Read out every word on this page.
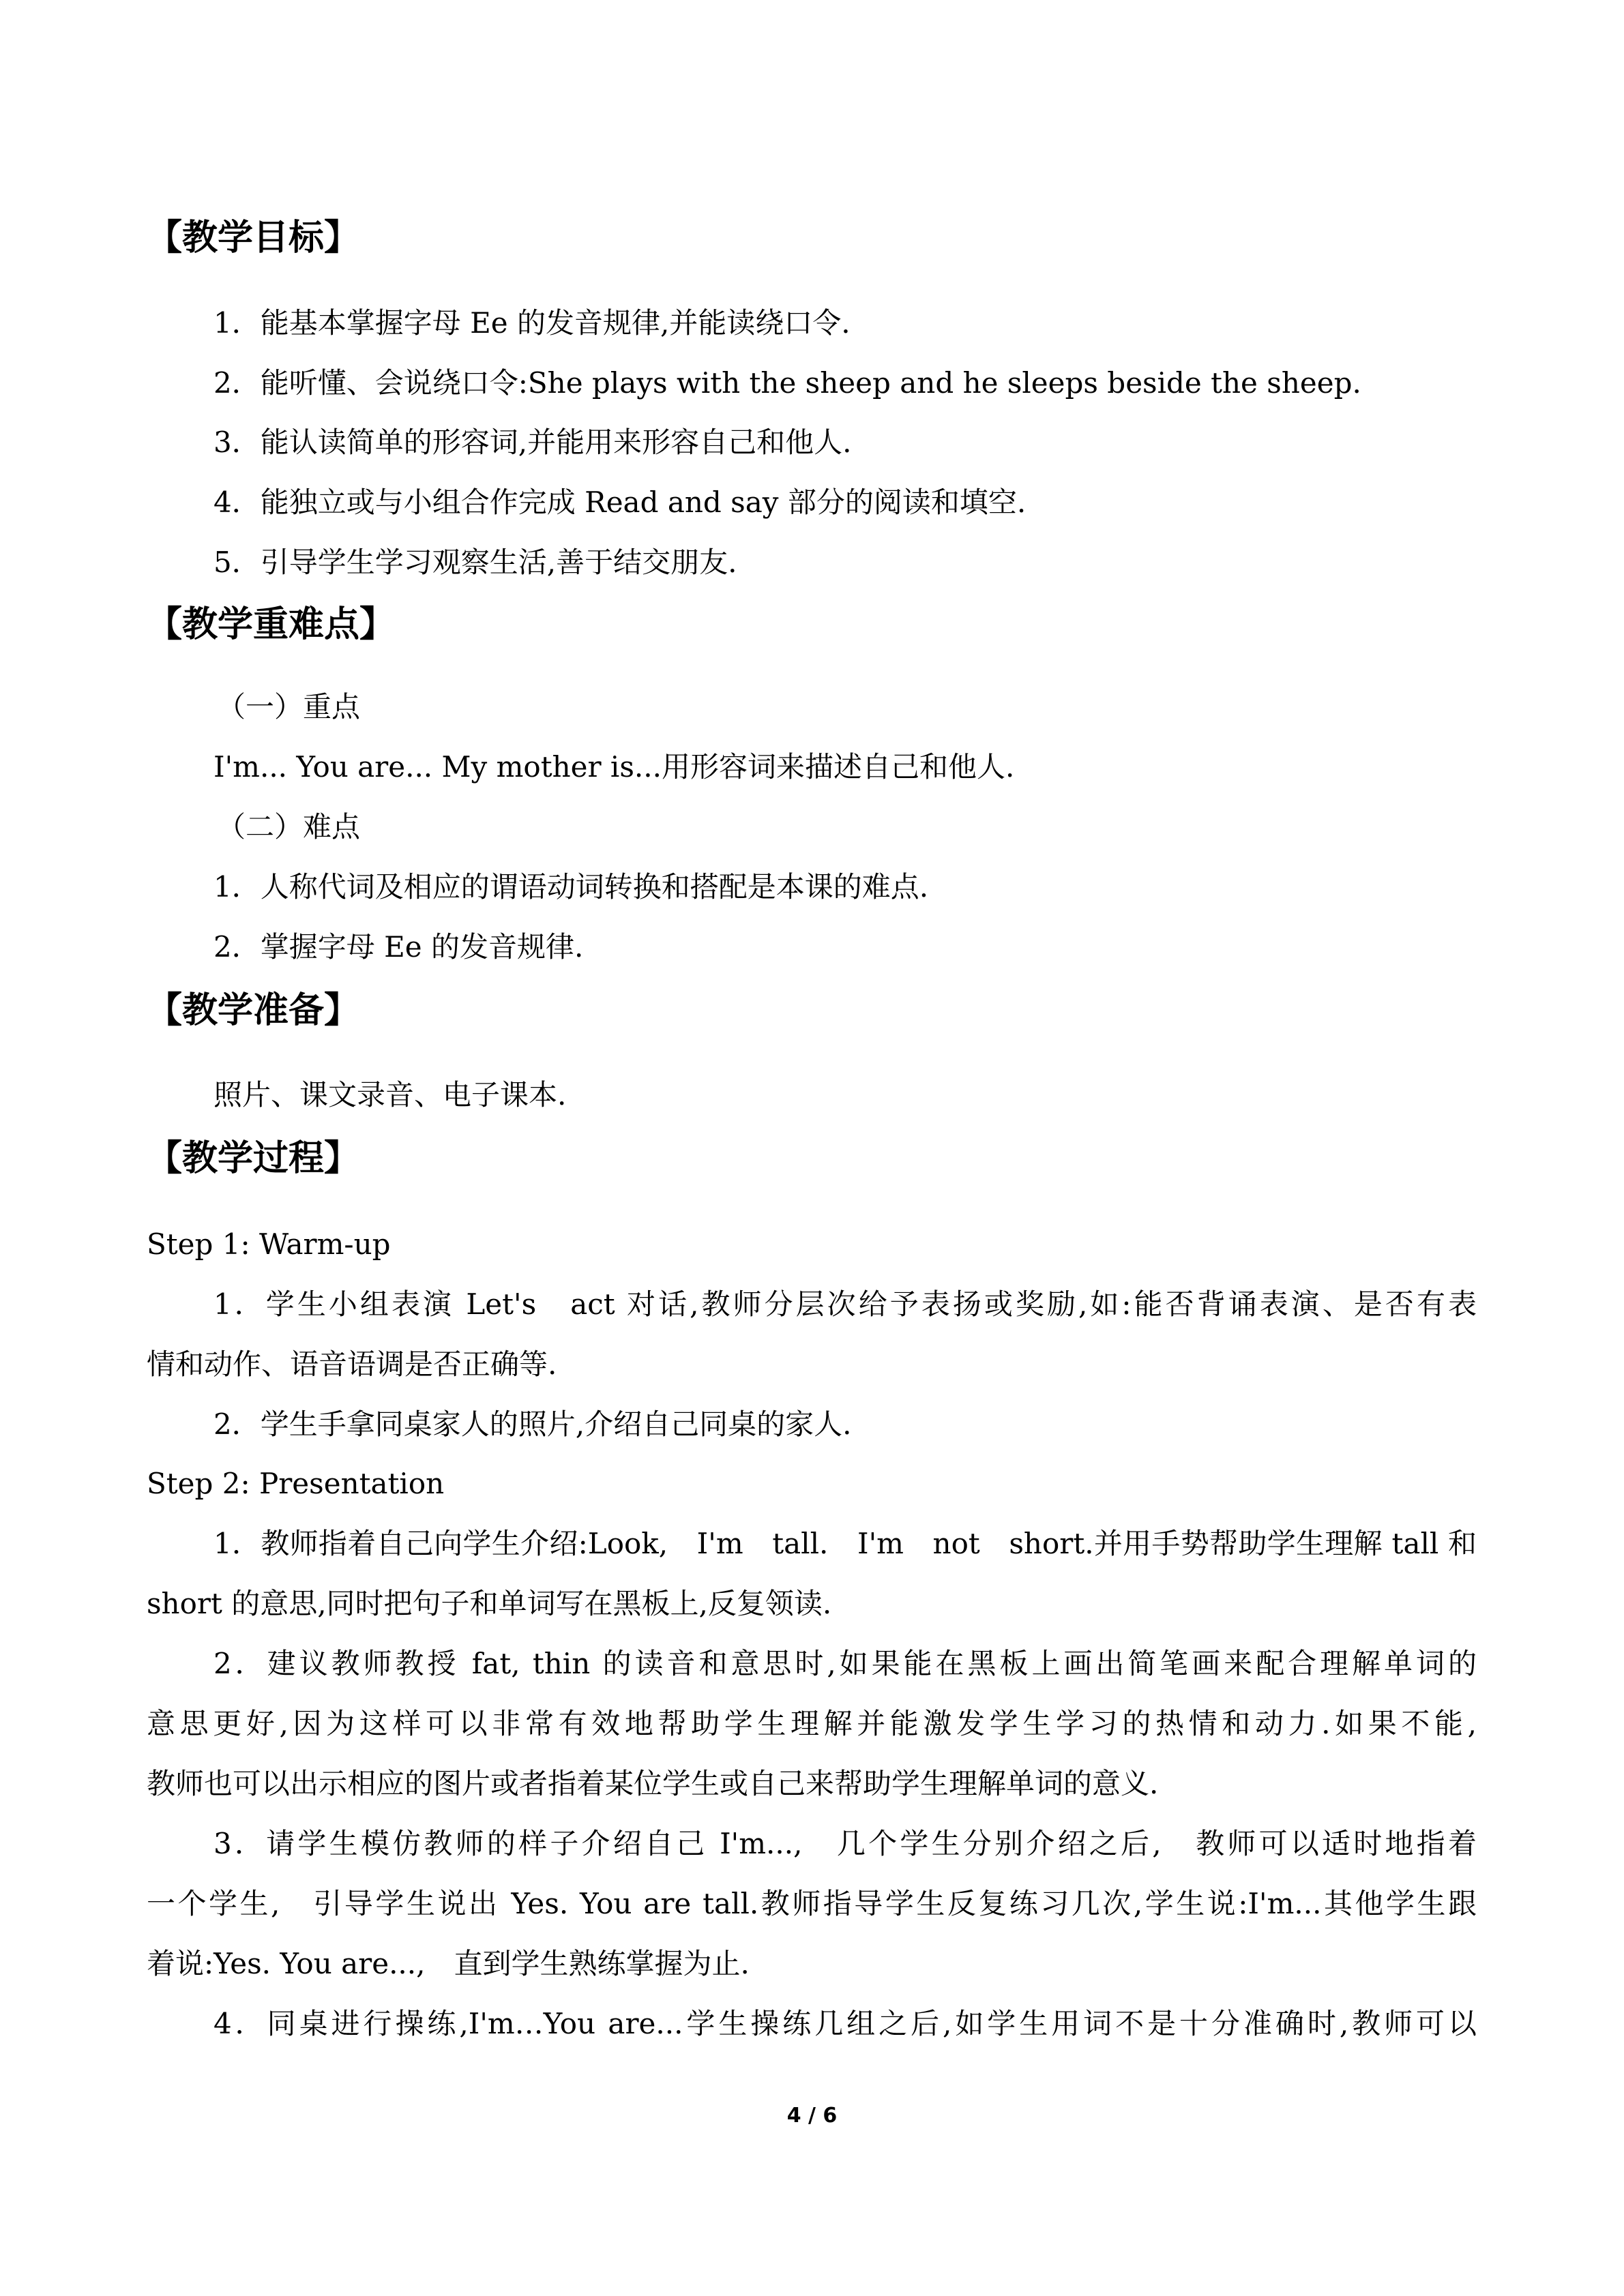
【教学目标】
1．能基本掌握字母 Ee 的发音规律,并能读绕口令.
2．能听懂、会说绕口令:She plays with the sheep and he sleeps beside the sheep.
3．能认读简单的形容词,并能用来形容自己和他人.
4．能独立或与小组合作完成 Read and say 部分的阅读和填空.
5．引导学生学习观察生活,善于结交朋友.
【教学重难点】
（一）重点
I'm... You are... My mother is...用形容词来描述自己和他人.
（二）难点
1．人称代词及相应的谓语动词转换和搭配是本课的难点.
2．掌握字母 Ee 的发音规律.
【教学准备】
照片、课文录音、电子课本.
【教学过程】
Step 1: Warm-up
1．学生小组表演 Let's　act 对话,教师分层次给予表扬或奖励,如:能否背诵表演、是否有表
情和动作、语音语调是否正确等.
2．学生手拿同桌家人的照片,介绍自己同桌的家人.
Step 2: Presentation
1．教师指着自己向学生介绍:Look,　I'm　tall.　I'm　not　short.并用手势帮助学生理解 tall 和
short 的意思,同时把句子和单词写在黑板上,反复领读.
2．建议教师教授 fat, thin 的读音和意思时,如果能在黑板上画出简笔画来配合理解单词的
意思更好,因为这样可以非常有效地帮助学生理解并能激发学生学习的热情和动力.如果不能,
教师也可以出示相应的图片或者指着某位学生或自己来帮助学生理解单词的意义.
3．请学生模仿教师的样子介绍自己 I'm...,　几个学生分别介绍之后,　教师可以适时地指着
一个学生,　引导学生说出 Yes. You are tall.教师指导学生反复练习几次,学生说:I'm...其他学生跟
着说:Yes. You are...,　直到学生熟练掌握为止.
4．同桌进行操练,I'm…You are...学生操练几组之后,如学生用词不是十分准确时,教师可以
4 / 6
